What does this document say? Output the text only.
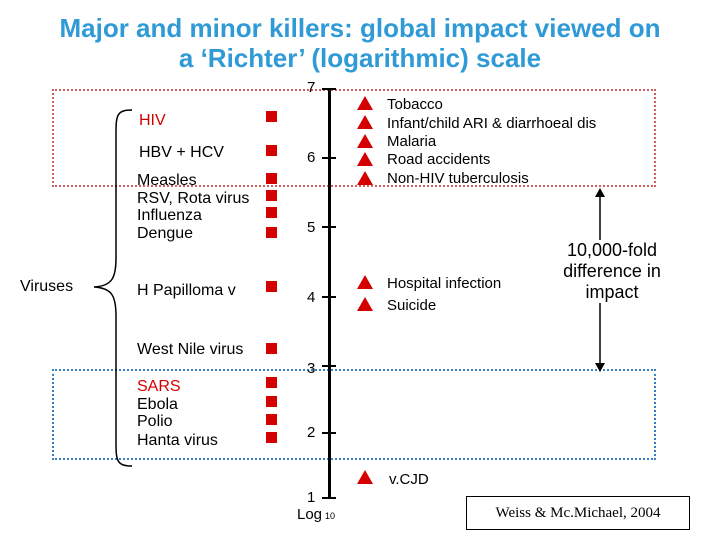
Major and minor killers: global impact viewed on
a ‘Richter’ (logarithmic) scale
7
6
5
4
3
2
1
Log 10
HIV
HBV + HCV
Measles
RSV, Rota virus
Influenza
Dengue
H Papilloma v
West Nile virus
SARS
Ebola
Polio
Hanta virus
Viruses
Tobacco
Infant/child ARI & diarrhoeal dis
Malaria
Road accidents
Non-HIV tuberculosis
Hospital infection
Suicide
v.CJD
10,000-fold
difference in
impact
Weiss & Mc.Michael, 2004
